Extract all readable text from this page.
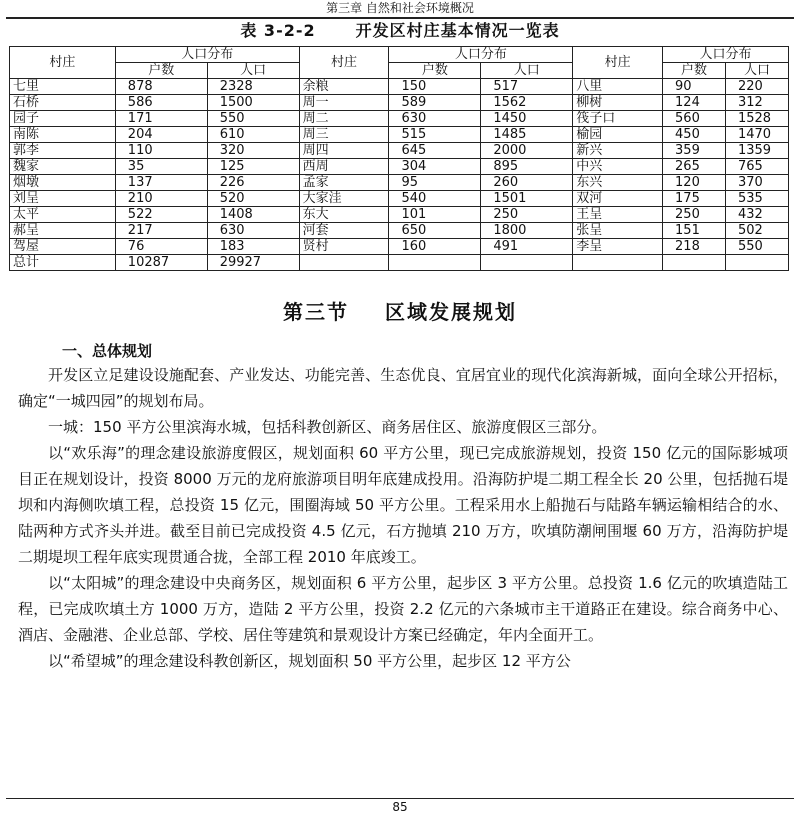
第三章 自然和社会环境概况
表 3-2-2	开发区村庄基本情况一览表
村庄	人口分布		村庄	人口分布		村庄	人口分布	
	户数	人口		户数	人口		户数	人口
七里	878	2328	余粮	150	517	八里	90	220
石桥	586	1500	周一	589	1562	柳树	124	312
园子	171	550	周二	630	1450	筏子口	560	1528
南陈	204	610	周三	515	1485	榆园	450	1470
郭李	110	320	周四	645	2000	新兴	359	1359
魏家	35	125	西周	304	895	中兴	265	765
烟墩	137	226	孟家	95	260	东兴	120	370
刘呈	210	520	大家洼	540	1501	双河	175	535
太平	522	1408	东大	101	250	王呈	250	432
郝呈	217	630	河套	650	1800	张呈	151	502
驾屋	76	183	贤村	160	491	李呈	218	550
总计	10287	29927						
第三节 区域发展规划
一、总体规划

开发区立足建设设施配套、产业发达、功能完善、生态优良、宜居宜业的现代化滨海新城，面向全球公开招标，确定“一城四园”的规划布局。

一城：150 平方公里滨海水城，包括科教创新区、商务居住区、旅游度假区三部分。

以“欢乐海”的理念建设旅游度假区，规划面积 60 平方公里，现已完成旅游规划，投资 150 亿元的国际影城项目正在规划设计，投资 8000 万元的龙府旅游项目明年底建成投用。沿海防护堤二期工程全长 20 公里，包括抛石堤坝和内海侧吹填工程，总投资 15 亿元，围圈海域 50 平方公里。工程采用水上船抛石与陆路车辆运输相结合的水、陆两种方式齐头并进。截至目前已完成投资 4.5 亿元，石方抛填 210 万方，吹填防潮闸围堰 60 万方，沿海防护堤二期堤坝工程年底实现贯通合拢，全部工程 2010 年底竣工。

以“太阳城”的理念建设中央商务区，规划面积 6 平方公里，起步区 3 平方公里。总投资 1.6 亿元的吹填造陆工程，已完成吹填土方 1000 万方，造陆 2 平方公里，投资 2.2 亿元的六条城市主干道路正在建设。综合商务中心、酒店、金融港、企业总部、学校、居住等建筑和景观设计方案已经确定，年内全面开工。

以“希望城”的理念建设科教创新区，规划面积 50 平方公里，起步区 12 平方公

85
